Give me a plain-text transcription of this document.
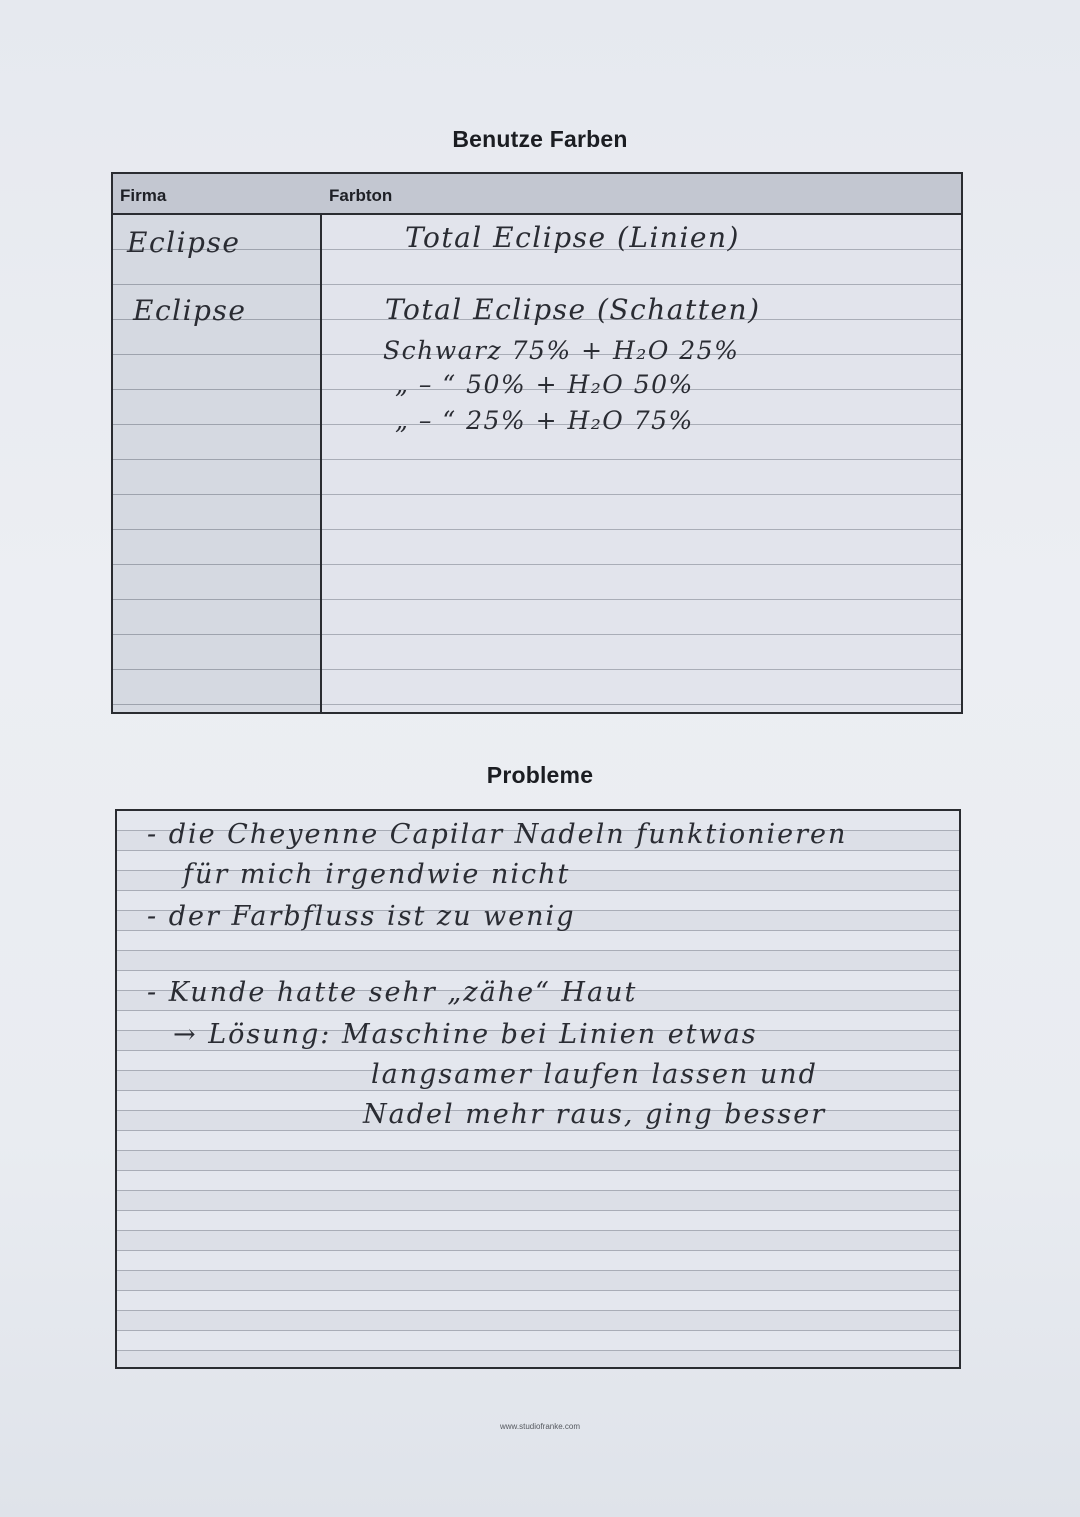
Benutze Farben
Firma	Farbton
Eclipse	Total Eclipse (Linien)
Eclipse	Total Eclipse (Schatten)
Schwarz 75% + H₂O 25%
„ – “ 50% + H₂O 50%
„ – “ 25% + H₂O 75%
Probleme
- die Cheyenne Capilar Nadeln funktionieren
für mich irgendwie nicht
- der Farbfluss ist zu wenig
- Kunde hatte sehr „zähe“ Haut
→ Lösung: Maschine bei Linien etwas
langsamer laufen lassen und
Nadel mehr raus, ging besser
www.studiofranke.com
